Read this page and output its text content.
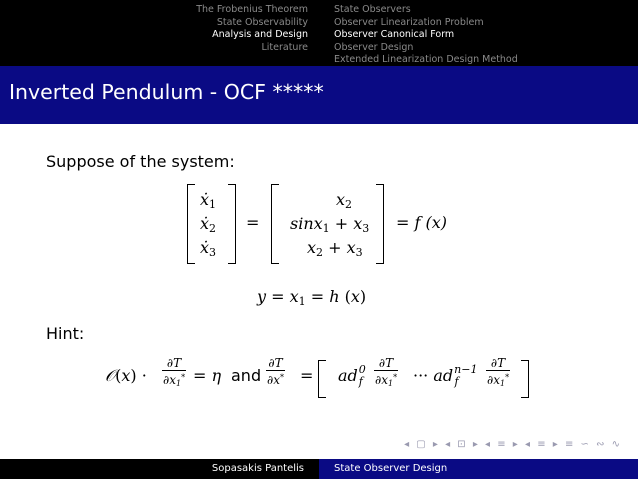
The Frobenius Theorem
State Observability
Analysis and Design
Literature
State Observers
Observer Linearization Problem
Observer Canonical Form
Observer Design
Extended Linearization Design Method
Inverted Pendulum - OCF *****
Suppose of the system:
ẋ$_1$
ẋ$_2$
ẋ$_3$
=
$x_2$
$\sin x_1 + x_3$
$x_2 + x_3$
= f (x)
$y = x_1 = h$ (x)
Hint:
𝒪(x) · $\frac{\partial T}{\partial x1^*} = \eta$ and $\frac{\partial T}{\partial x^*} = ad^0_f \frac{\partial T}{\partial x1^*}$ ··· $ad^{n-1}_f$	$\frac{\partial T}{\partial x1^*}$
◂ ▢ ▸ ◂ ⊡ ▸ ◂ ≡ ▸ ◂ ≡ ▸ ≡ ∽ ∾ ∿
Sopasakis Pantelis	State Observer Design
